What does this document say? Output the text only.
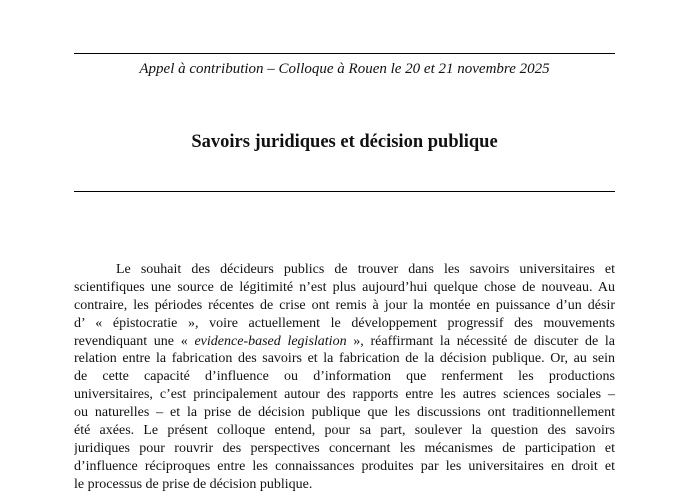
Appel à contribution – Colloque à Rouen le 20 et 21 novembre 2025
Savoirs juridiques et décision publique
Le souhait des décideurs publics de trouver dans les savoirs universitaires et
scientifiques une source de légitimité n’est plus aujourd’hui quelque chose de nouveau. Au
contraire, les périodes récentes de crise ont remis à jour la montée en puissance d’un désir
d’ « épistocratie », voire actuellement le développement progressif des mouvements
revendiquant une « evidence-based legislation », réaffirmant la nécessité de discuter de la
relation entre la fabrication des savoirs et la fabrication de la décision publique. Or, au sein
de cette capacité d’influence ou d’information que renferment les productions
universitaires, c’est principalement autour des rapports entre les autres sciences sociales –
ou naturelles – et la prise de décision publique que les discussions ont traditionnellement
été axées. Le présent colloque entend, pour sa part, soulever la question des savoirs
juridiques pour rouvrir des perspectives concernant les mécanismes de participation et
d’influence réciproques entre les connaissances produites par les universitaires en droit et
le processus de prise de décision publique.
